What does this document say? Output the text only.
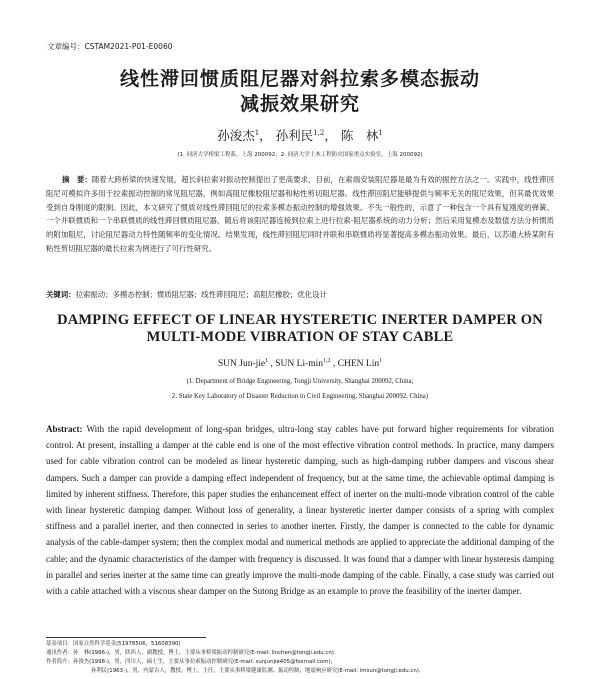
文章编号：CSTAM2021-P01-E0060
线性滞回惯质阻尼器对斜拉索多模态振动
减振效果研究
孙浚杰$^1$， 孙利民$^{1,2}$， 陈　林$^1$
(1. 同济大学桥梁工程系，上海 200092；2. 同济大学土木工程防灾国家重点实验室，上海 200092)
摘　要：随着大跨桥梁的快速发展，超长斜拉索对振动控制提出了更高要求，目前，在索端安装阻尼器是最为有效的振控方法之一。实践中，线性滞回阻尼可模拟许多用于拉索振动控制的常见阻尼器，例如高阻尼橡胶阻尼器和粘性剪切阻尼器。线性滞回阻尼能够提供与频率无关的阻尼效果，但其最优效果受到自身刚度的限制。因此，本文研究了惯质对线性滞回阻尼的拉索多模态振动控制的增强效果。不失一般性的，示意了一种包含一个具有复刚度的弹簧、一个并联惯质和一个串联惯质的线性滞回惯质阻尼器。随后将该阻尼器连接到拉索上进行拉索-阻尼器系统的动力分析；然后采用复模态及数值方法分析惯质的附加阻尼，讨论阻尼器动力特性随频率的变化情况。结果发现，线性滞回阻尼同时并联和串联惯质将显著提高多模态振动效果。最后，以苏通大桥某附有粘性剪切阻尼器的最长拉索为例进行了可行性研究。
关键词：拉索振动；多模态控制；惯质阻尼器；线性滞回阻尼；高阻尼橡胶；优化设计
DAMPING EFFECT OF LINEAR HYSTERETIC INERTER DAMPER ON
MULTI-MODE VIBRATION OF STAY CABLE
SUN Jun-jie$^1$ , SUN $Li-\min^{1,2}$ , CHEN Lin$^1$
(1. Department of Bridge Engineering, Tongji University, Shanghai 200092, China;
2. State Key Laboratory of Disaster Reduction in Civil Engineering, Shanghai 200092, China)
Abstract: With the rapid development of long-span bridges, ultra-long stay cables have put forward higher requirements for vibration control. At present, installing a damper at the cable end is one of the most effective vibration control methods. In practice, many dampers used for cable vibration control can be modeled as linear hysteretic damping, such as high-damping rubber dampers and viscous shear dampers. Such a damper can provide a damping effect independent of frequency, but at the same time, the achievable optimal damping is limited by inherent stiffness. Therefore, this paper studies the enhancement effect of inerter on the multi-mode vibration control of the cable with linear hysteretic damping damper. Without loss of generality, a linear hysteretic inerter damper consists of a spring with complex stiffness and a parallel inerter, and then connected in series to another inerter. Firstly, the damper is connected to the cable for dynamic analysis of the cable-damper system; then the complex modal and numerical methods are applied to appreciate the additional damping of the cable; and the dynamic characteristics of the damper with frequency is discussed. It was found that a damper with linear hysteresis damping in parallel and series inerter at the same time can greatly improve the multi-mode damping of the cable. Finally, a case study was carried out with a cable attached with a viscous shear damper on the Sutong Bridge as an example to prove the feasibility of the inerter damper.
基金项目：国家自然科学基金(51978506，51608390)
通讯作者：孙　林(1986-)，男，陕西人，副教授，博士，主要从事桥梁振动控制研究(E-mail: linchen@tongji.edu.cn).
作者简介：孙浚杰(1998-)，男，四川人，硕士生，主要从事拉索振动控制研究(E-mail: sunjunjie405@foxmail.com)；
孙利民(1963-)，男，内蒙古人，教授，博士，主任，主要从事桥梁健康监测、振动控制、地震响应研究(E-mail: lmsun@tongji.edu.cn).
